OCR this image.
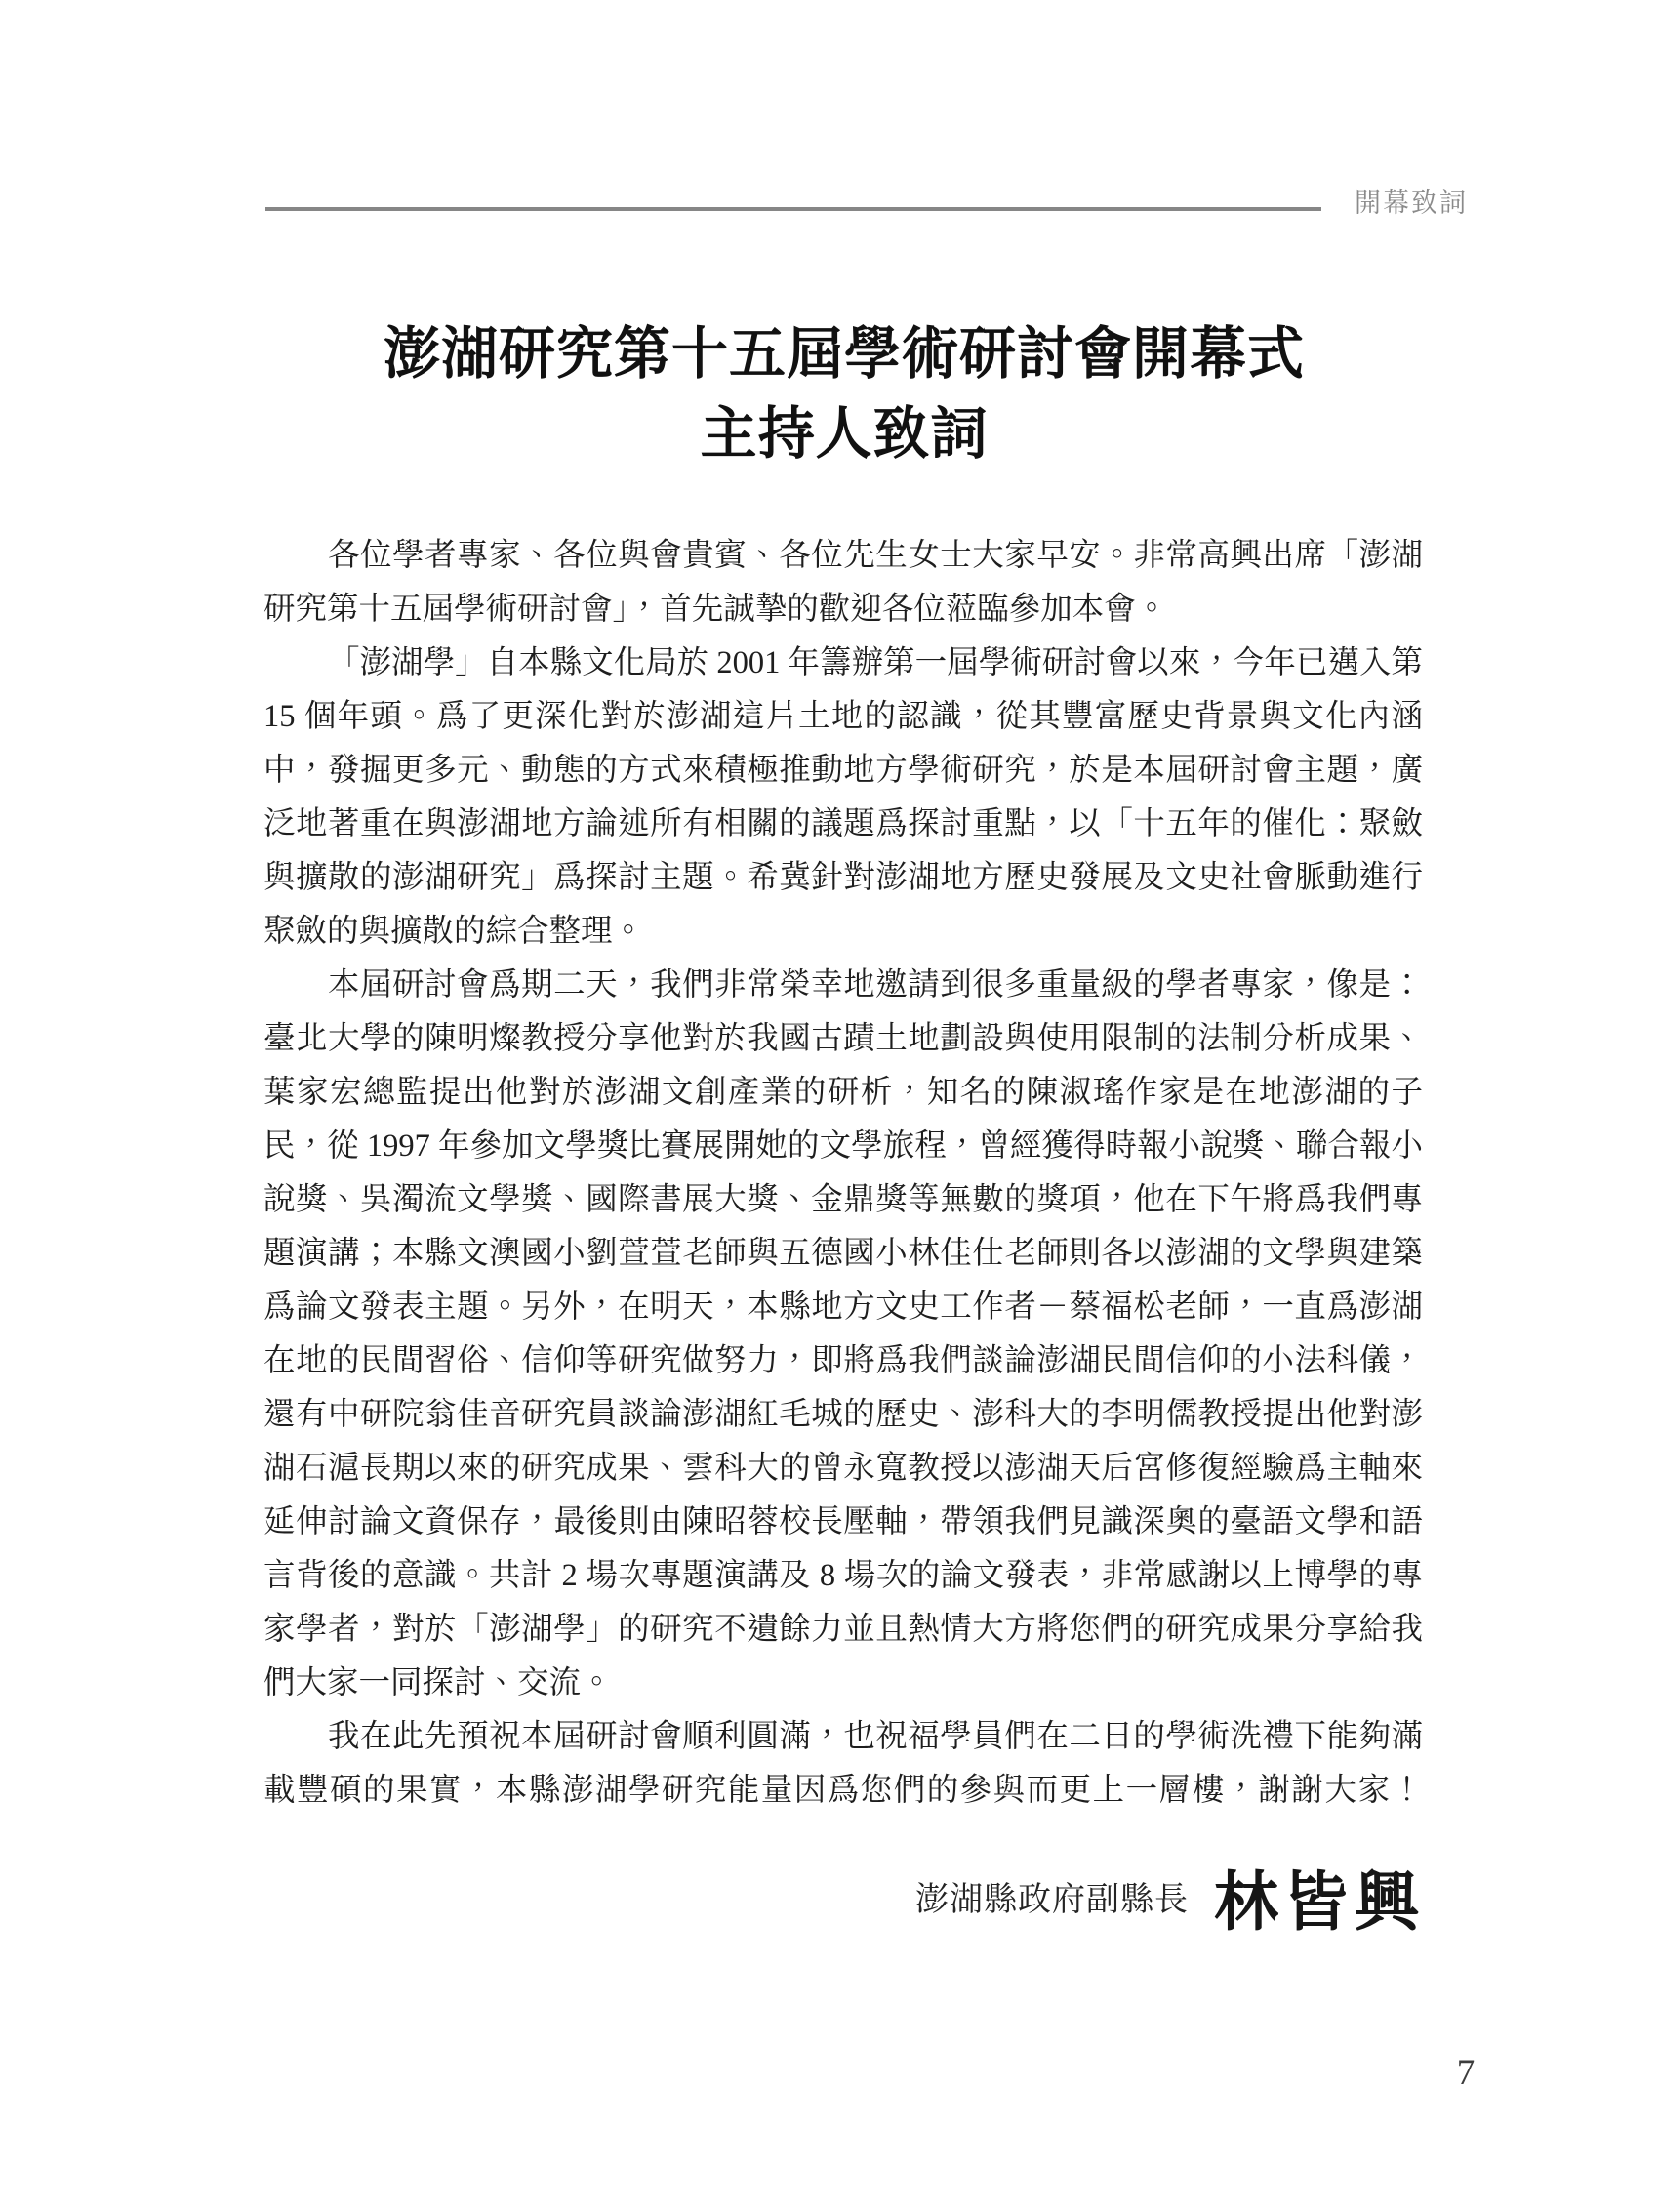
開幕致詞
澎湖研究第十五屆學術研討會開幕式
主持人致詞
各位學者專家、各位與會貴賓、各位先生女士大家早安。非常高興出席「澎湖
研究第十五屆學術研討會」，首先誠摯的歡迎各位蒞臨參加本會。
「澎湖學」自本縣文化局於 2001 年籌辦第一屆學術研討會以來，今年已邁入第
15 個年頭。爲了更深化對於澎湖這片土地的認識，從其豐富歷史背景與文化內涵
中，發掘更多元、動態的方式來積極推動地方學術研究，於是本屆研討會主題，廣
泛地著重在與澎湖地方論述所有相關的議題爲探討重點，以「十五年的催化：聚斂
與擴散的澎湖研究」爲探討主題。希冀針對澎湖地方歷史發展及文史社會脈動進行
聚斂的與擴散的綜合整理。
本屆研討會爲期二天，我們非常榮幸地邀請到很多重量級的學者專家，像是：
臺北大學的陳明燦教授分享他對於我國古蹟土地劃設與使用限制的法制分析成果、
葉家宏總監提出他對於澎湖文創產業的研析，知名的陳淑瑤作家是在地澎湖的子
民，從 1997 年參加文學獎比賽展開她的文學旅程，曾經獲得時報小說獎、聯合報小
說獎、吳濁流文學獎、國際書展大獎、金鼎獎等無數的獎項，他在下午將爲我們專
題演講；本縣文澳國小劉萱萱老師與五德國小林佳仕老師則各以澎湖的文學與建築
爲論文發表主題。另外，在明天，本縣地方文史工作者－蔡福松老師，一直爲澎湖
在地的民間習俗、信仰等研究做努力，即將爲我們談論澎湖民間信仰的小法科儀，
還有中研院翁佳音研究員談論澎湖紅毛城的歷史、澎科大的李明儒教授提出他對澎
湖石滬長期以來的研究成果、雲科大的曾永寬教授以澎湖天后宮修復經驗爲主軸來
延伸討論文資保存，最後則由陳昭蓉校長壓軸，帶領我們見識深奧的臺語文學和語
言背後的意識。共計 2 場次專題演講及 8 場次的論文發表，非常感謝以上博學的專
家學者，對於「澎湖學」的研究不遺餘力並且熱情大方將您們的研究成果分享給我
們大家一同探討、交流。
我在此先預祝本屆研討會順利圓滿，也祝福學員們在二日的學術洗禮下能夠滿
載豐碩的果實，本縣澎湖學研究能量因爲您們的參與而更上一層樓，謝謝大家！
澎湖縣政府副縣長 林皆興
7
